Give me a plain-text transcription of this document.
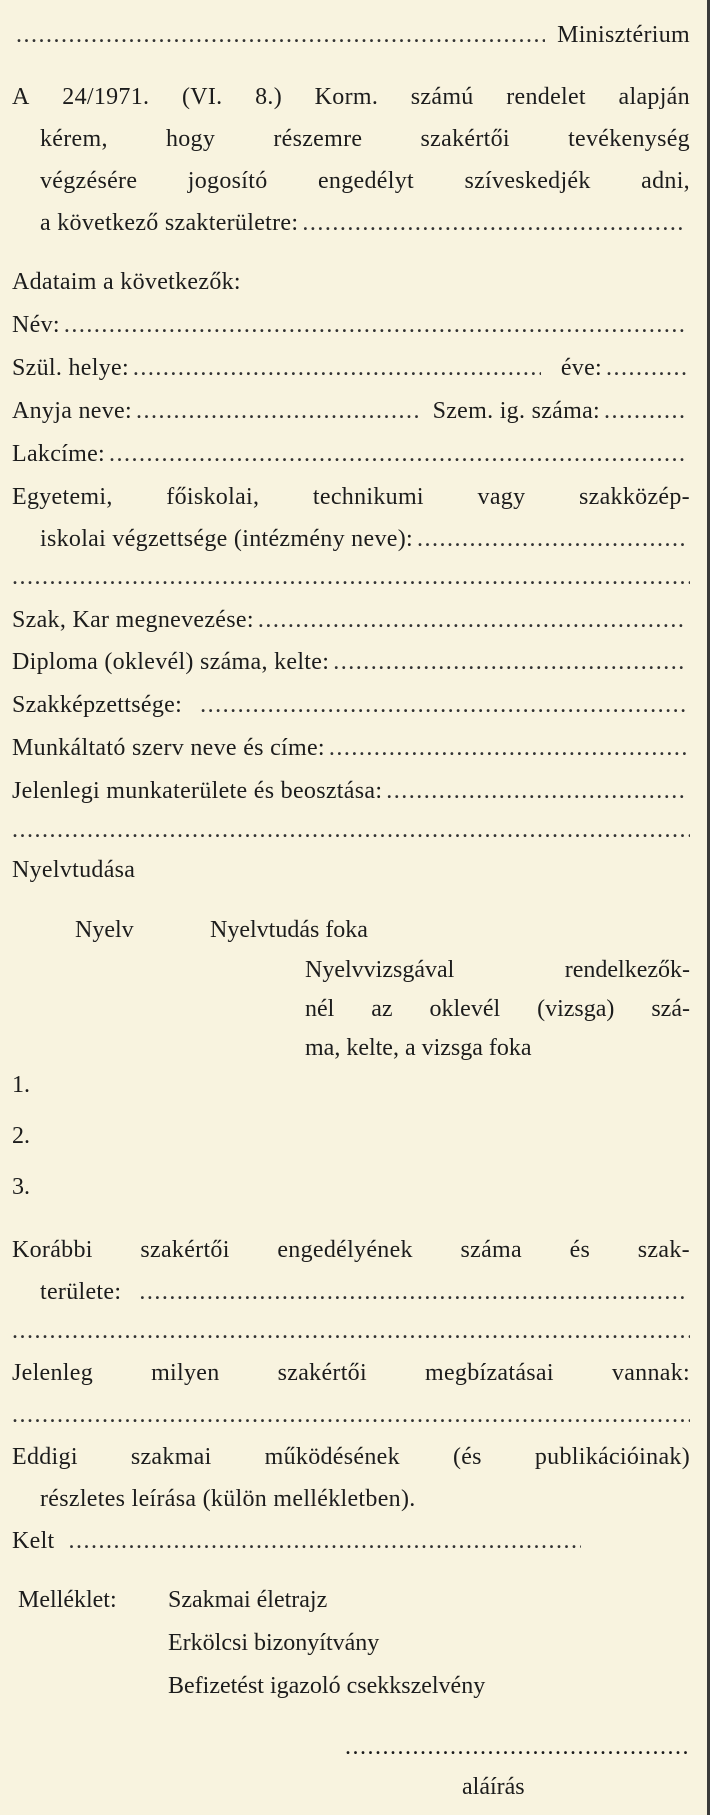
.....
Minisztérium
A 24/1971. (VI. 8.) Korm. számú rendelet alapján
kérem, hogy részemre szakértői tevékenység
végzésére jogosító engedélyt szíveskedjék adni,
a következő szakterületre:
.....
Adataim a következők:
Név:
.....
Szül. helye: .....	éve:
.....
Anyja neve: .....	Szem. ig. száma:
.....
Lakcíme:
.....
Egyetemi, főiskolai, technikumi vagy szakközép-
iskolai végzettsége (intézmény neve):
.....
.....
Szak, Kar megnevezése:
.....
Diploma (oklevél) száma, kelte:
.....
Szakképzettsége:
.....
Munkáltató szerv neve és címe:
.....
Jelenlegi munkaterülete és beosztása:
.....
.....
Nyelvtudása
Nyelv	Nyelvtudás foka
Nyelvvizsgával	rendelkezők-
nél az oklevél (vizsga) szá-
ma, kelte, a vizsga foka
1.
2.
3.
Korábbi szakértői engedélyének száma és szak-
területe:
.....
.....
Jelenleg milyen szakértői megbízatásai vannak:
.....
Eddigi szakmai működésének (és publikációinak)
részletes leírása (külön mellékletben).
Kelt
.....
Melléklet: Szakmai életrajz
Erkölcsi bizonyítvány
Befizetést igazoló csekkszelvény
.....
aláírás
